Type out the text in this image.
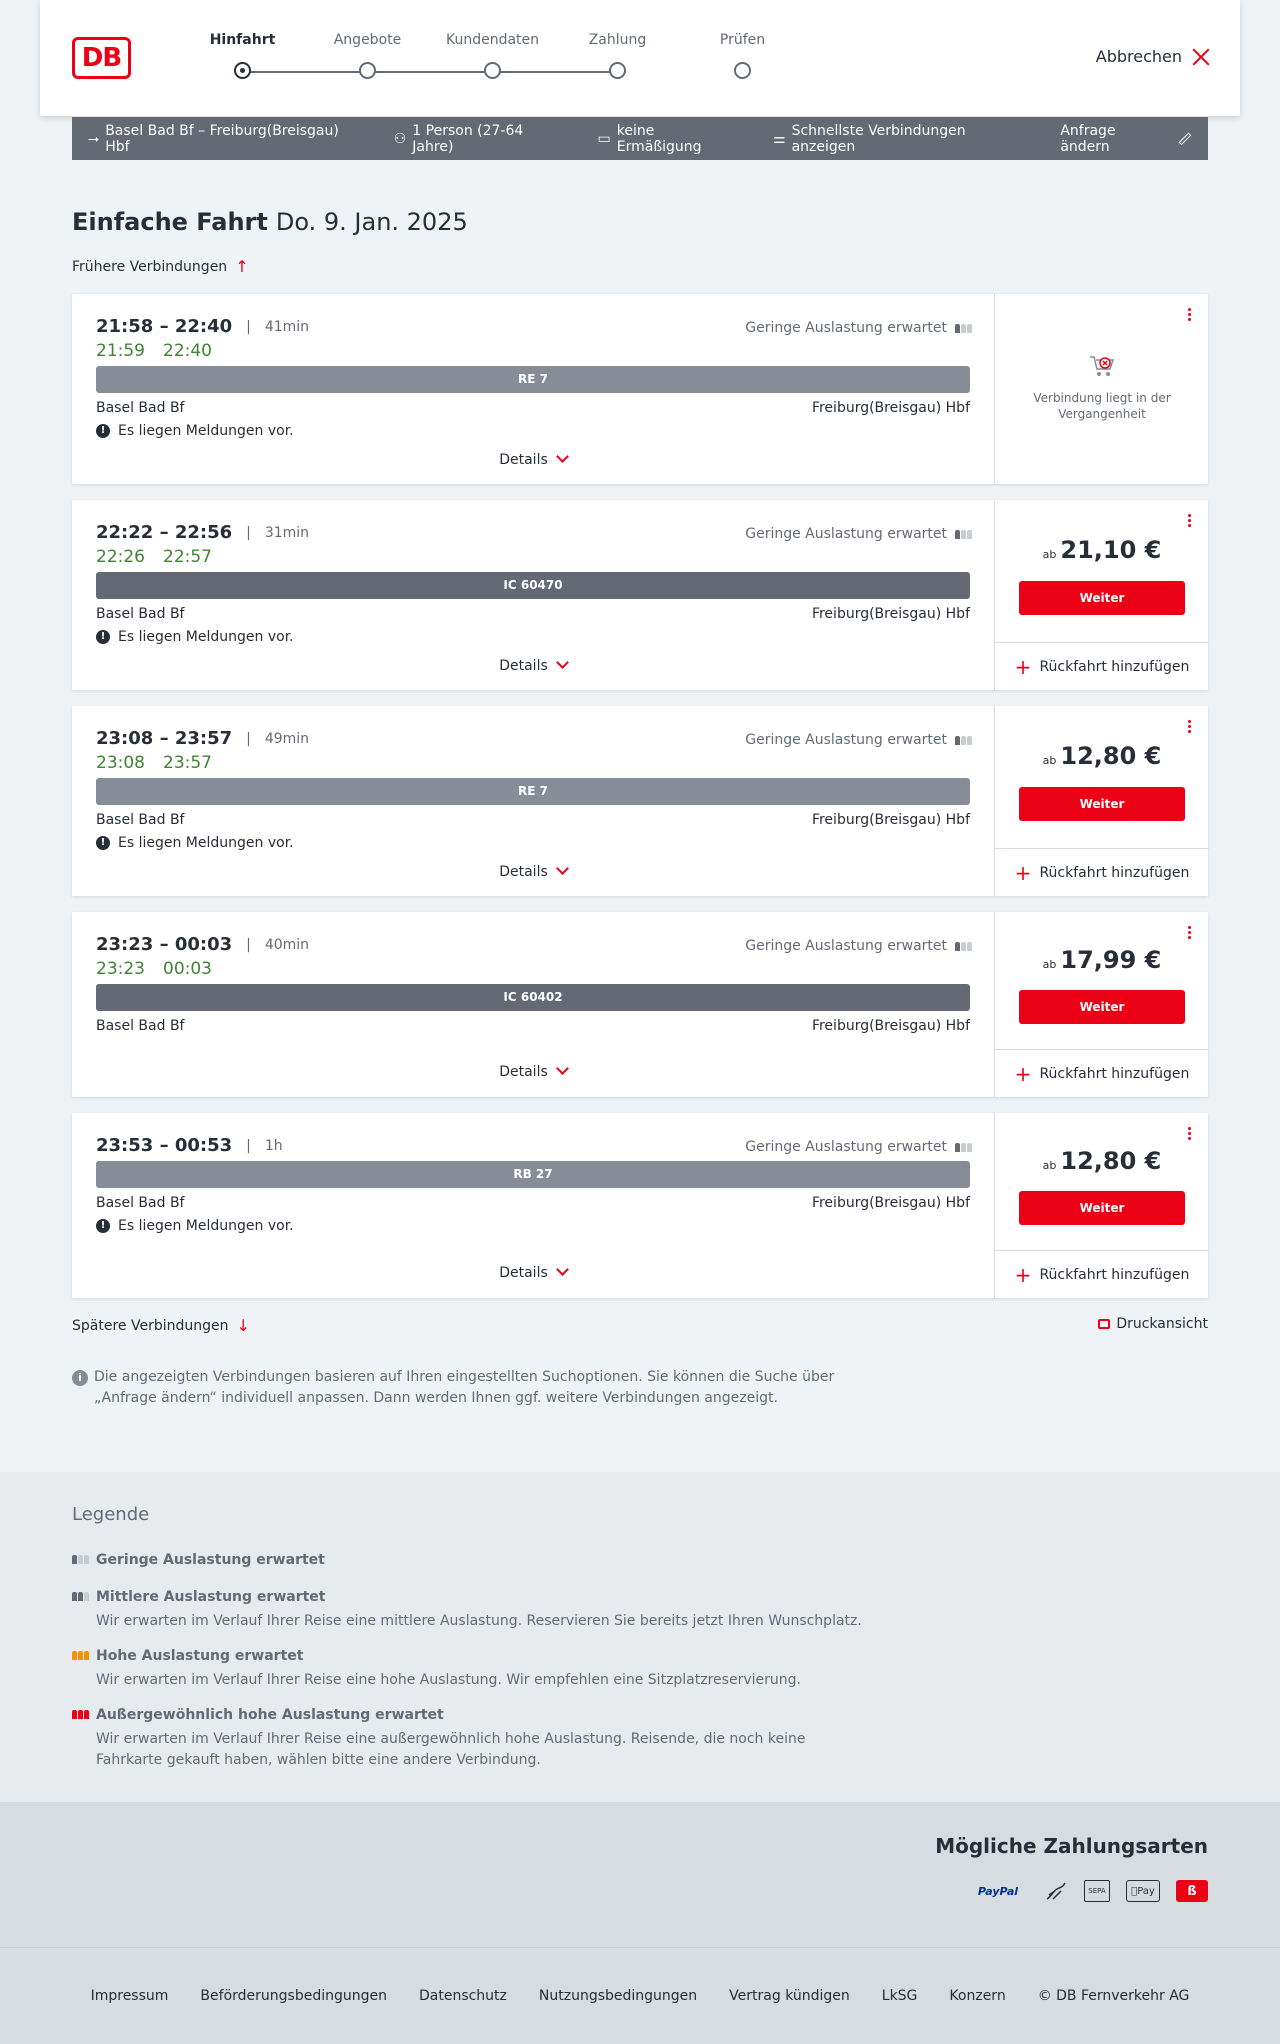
DB
Hinfahrt	Angebote	Kundendaten	Zahlung	Prüfen
Abbrechen
⭢ Basel Bad Bf – Freiburg(Breisgau) Hbf	⚇ 1 Person (27-64 Jahre)	▭ keine Ermäßigung	⚌ Schnellste Verbindungen anzeigen
Anfrage ändern
Einfache Fahrt Do. 9. Jan. 2025
Frühere Verbindungen ↑
21:58 – 22:40 | 41min
21:59 22:40
Geringe Auslastung erwartet
RE 7
Basel Bad Bf	Freiburg(Breisgau) Hbf
! Es liegen Meldungen vor.
Details
Verbindung liegt in der Vergangenheit
22:22 – 22:56 | 31min
22:26 22:57
Geringe Auslastung erwartet
IC 60470
Basel Bad Bf	Freiburg(Breisgau) Hbf
! Es liegen Meldungen vor.
Details
ab 21,10 €
Weiter
+ Rückfahrt hinzufügen
23:08 – 23:57 | 49min
23:08 23:57
Geringe Auslastung erwartet
RE 7
Basel Bad Bf	Freiburg(Breisgau) Hbf
! Es liegen Meldungen vor.
Details
ab 12,80 €
Weiter
+ Rückfahrt hinzufügen
23:23 – 00:03 | 40min
23:23 00:03
Geringe Auslastung erwartet
IC 60402
Basel Bad Bf	Freiburg(Breisgau) Hbf
Details
ab 17,99 €
Weiter
+ Rückfahrt hinzufügen
23:53 – 00:53 | 1h	Geringe Auslastung erwartet
RB 27
Basel Bad Bf	Freiburg(Breisgau) Hbf
! Es liegen Meldungen vor.
Details
ab 12,80 €
Weiter
+ Rückfahrt hinzufügen
Spätere Verbindungen ↓	Druckansicht
i Die angezeigten Verbindungen basieren auf Ihren eingestellten Suchoptionen. Sie können die Suche über „Anfrage ändern“ individuell anpassen. Dann werden Ihnen ggf. weitere Verbindungen angezeigt.
Legende
Geringe Auslastung erwartet
Mittlere Auslastung erwartet
Wir erwarten im Verlauf Ihrer Reise eine mittlere Auslastung. Reservieren Sie bereits jetzt Ihren Wunschplatz.
Hohe Auslastung erwartet
Wir erwarten im Verlauf Ihrer Reise eine hohe Auslastung. Wir empfehlen eine Sitzplatzreservierung.
Außergewöhnlich hohe Auslastung erwartet
Wir erwarten im Verlauf Ihrer Reise eine außergewöhnlich hohe Auslastung. Reisende, die noch keine Fahrkarte gekauft haben, wählen bitte eine andere Verbindung.
Mögliche Zahlungsarten
PayPal	SEPA	Pay	ß
Impressum Beförderungsbedingungen Datenschutz Nutzungsbedingungen Vertrag kündigen LkSG Konzern © DB Fernverkehr AG
